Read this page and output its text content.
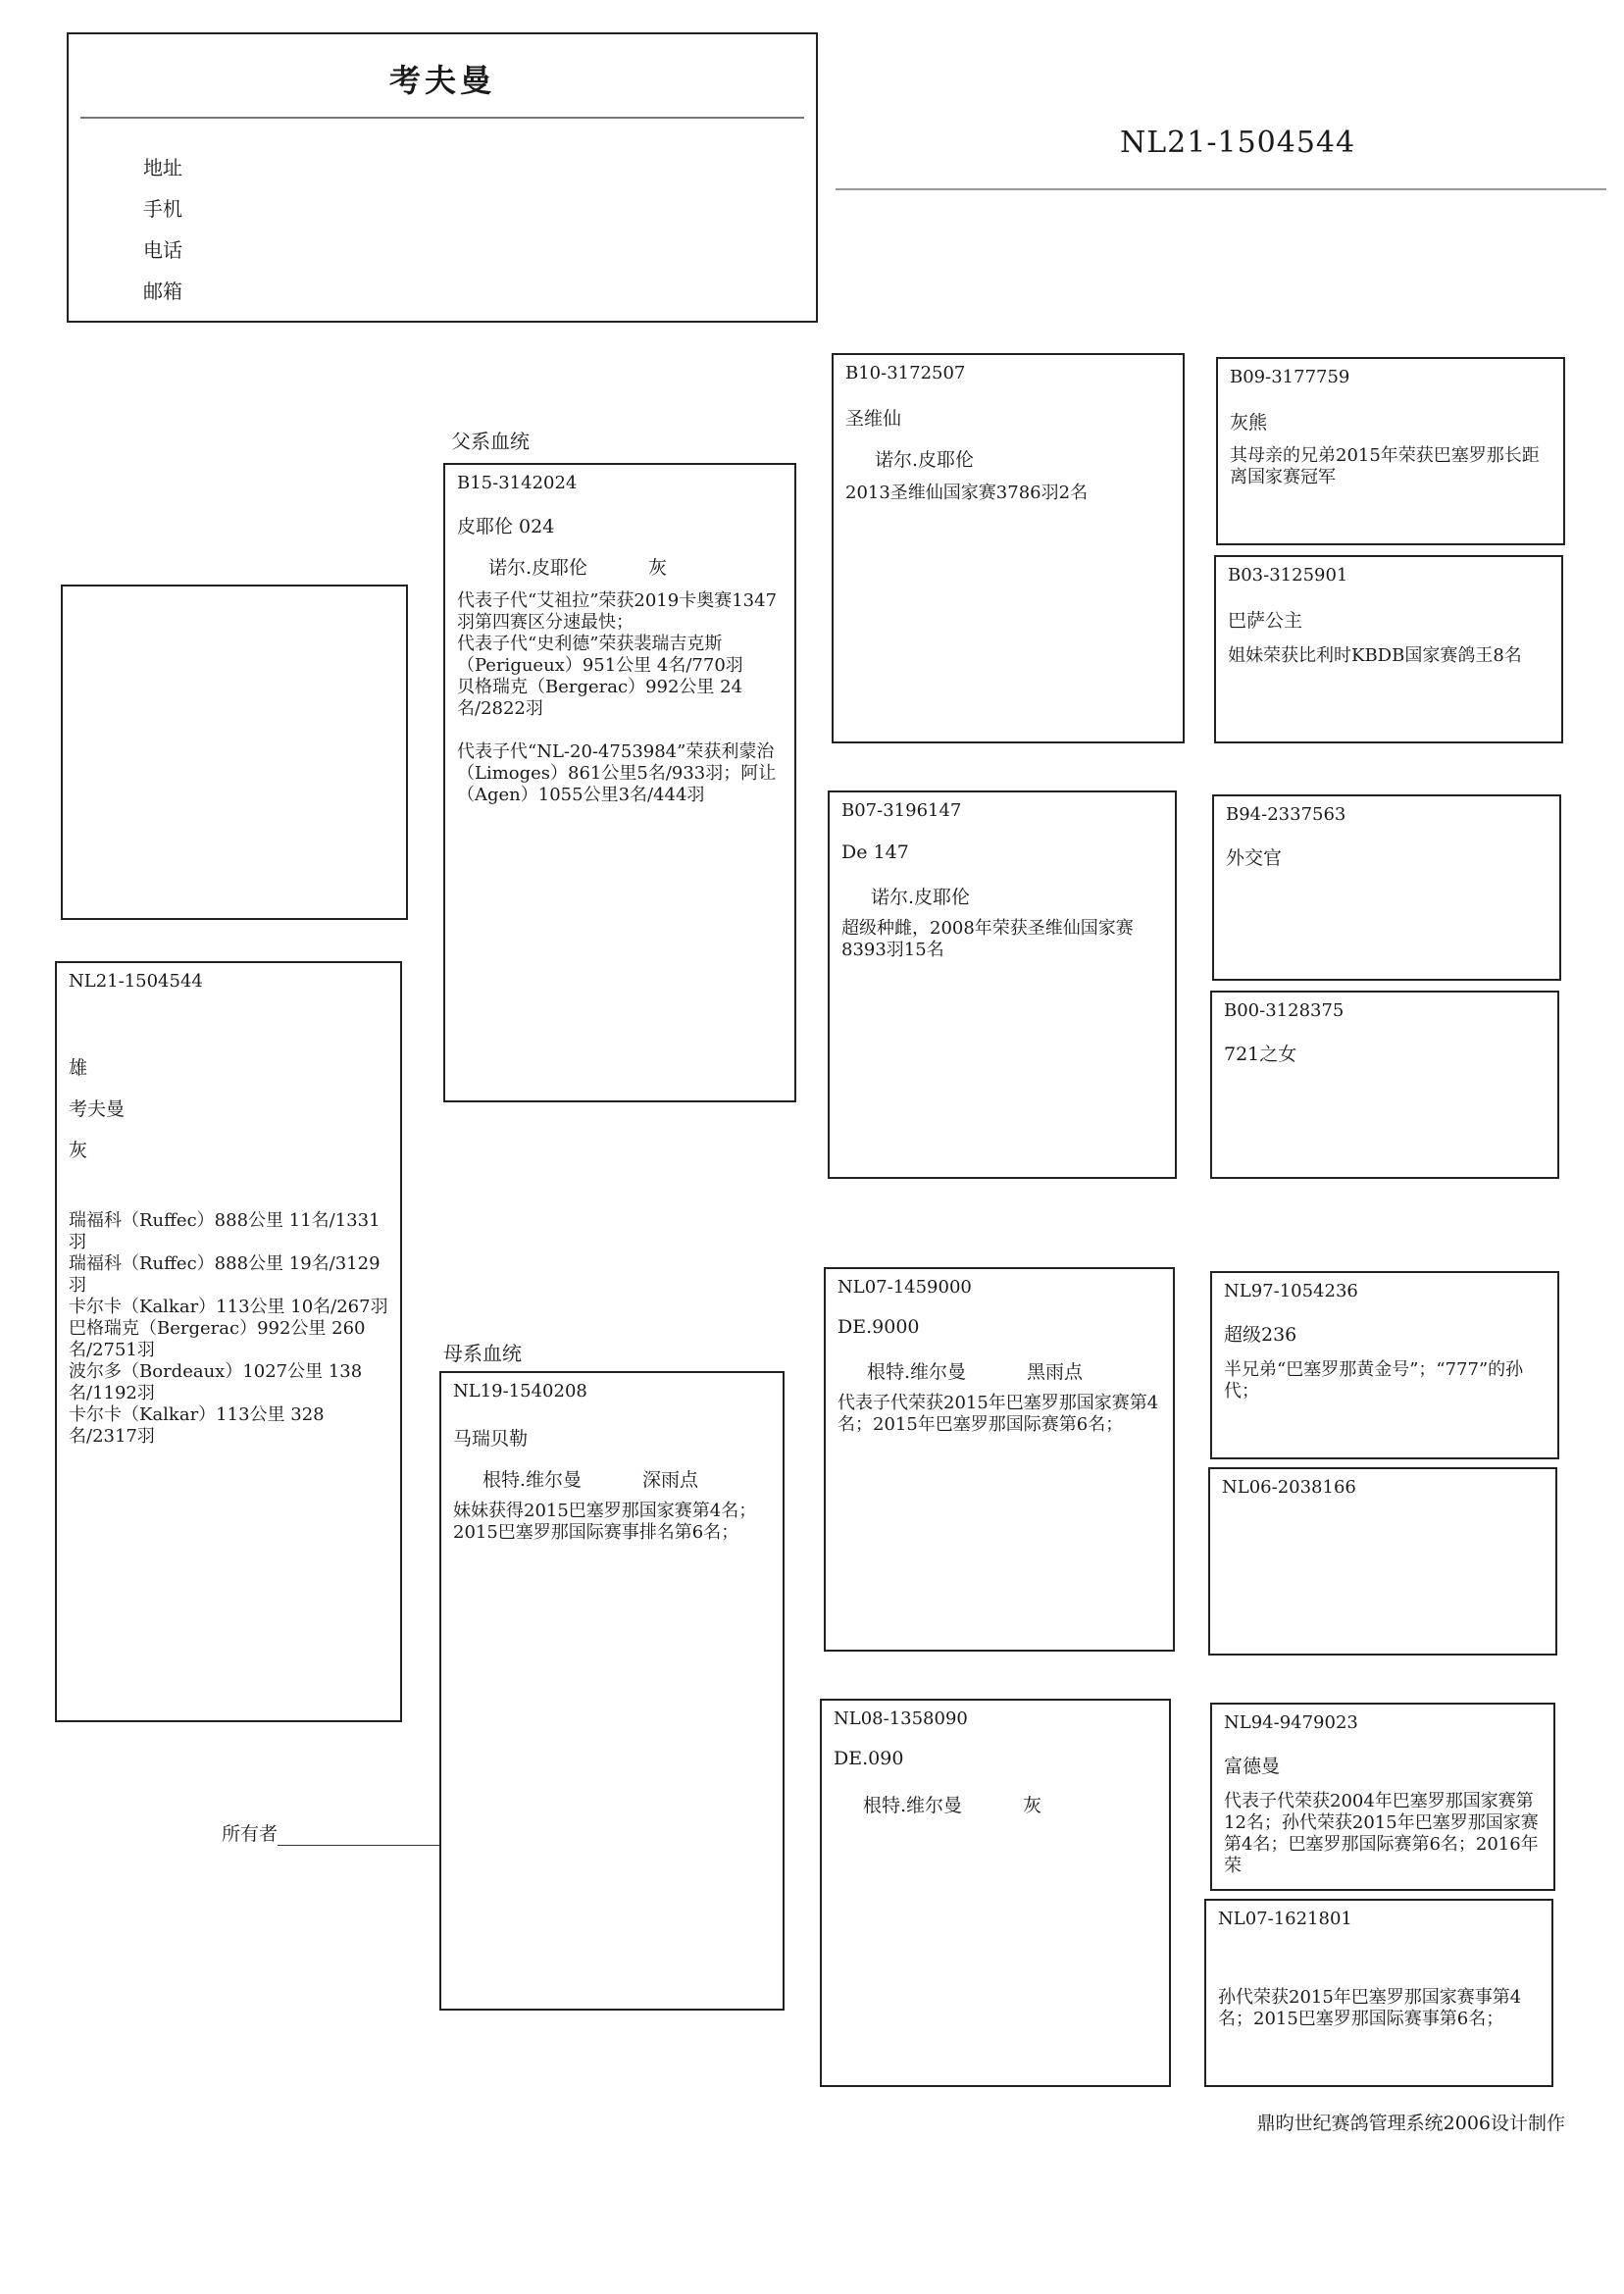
考夫曼
地址
手机
电话
邮箱
NL21-1504544
NL21-1504544
雄
考夫曼
灰
瑞福科（Ruffec）888公里 11名/1331羽
瑞福科（Ruffec）888公里 19名/3129羽
卡尔卡（Kalkar）113公里 10名/267羽
巴格瑞克（Bergerac）992公里 260名/2751羽
波尔多（Bordeaux）1027公里 138名/1192羽
卡尔卡（Kalkar）113公里 328名/2317羽
所有者
父系血统
母系血统
B15-3142024
皮耶伦 024
诺尔.皮耶伦	灰
代表子代“艾祖拉”荣获2019卡奥赛1347羽第四赛区分速最快；
代表子代“史利德”荣获裴瑞吉克斯（Perigueux）951公里 4名/770羽
贝格瑞克（Bergerac）992公里 24名/2822羽
代表子代“NL-20-4753984”荣获利蒙治（Limoges）861公里5名/933羽；阿让（Agen）1055公里3名/444羽
NL19-1540208
马瑞贝勒
根特.维尔曼	深雨点
妹妹获得2015巴塞罗那国家赛第4名；2015巴塞罗那国际赛事排名第6名；
B10-3172507
圣维仙
诺尔.皮耶伦
2013圣维仙国家赛3786羽2名
B07-3196147
De 147
诺尔.皮耶伦
超级种雌，2008年荣获圣维仙国家赛8393羽15名
NL07-1459000
DE.9000
根特.维尔曼	黑雨点
代表子代荣获2015年巴塞罗那国家赛第4名；2015年巴塞罗那国际赛第6名；
NL08-1358090
DE.090
根特.维尔曼	灰
B09-3177759
灰熊
其母亲的兄弟2015年荣获巴塞罗那长距离国家赛冠军
B03-3125901
巴萨公主
姐妹荣获比利时KBDB国家赛鸽王8名
B94-2337563
外交官
B00-3128375
721之女
NL97-1054236
超级236
半兄弟“巴塞罗那黄金号”；“777”的孙代；
NL06-2038166
NL94-9479023
富德曼
代表子代荣获2004年巴塞罗那国家赛第12名；孙代荣获2015年巴塞罗那国家赛第4名；巴塞罗那国际赛第6名；2016年荣
NL07-1621801
孙代荣获2015年巴塞罗那国家赛事第4名；2015巴塞罗那国际赛事第6名；
鼎昀世纪赛鸽管理系统2006设计制作
